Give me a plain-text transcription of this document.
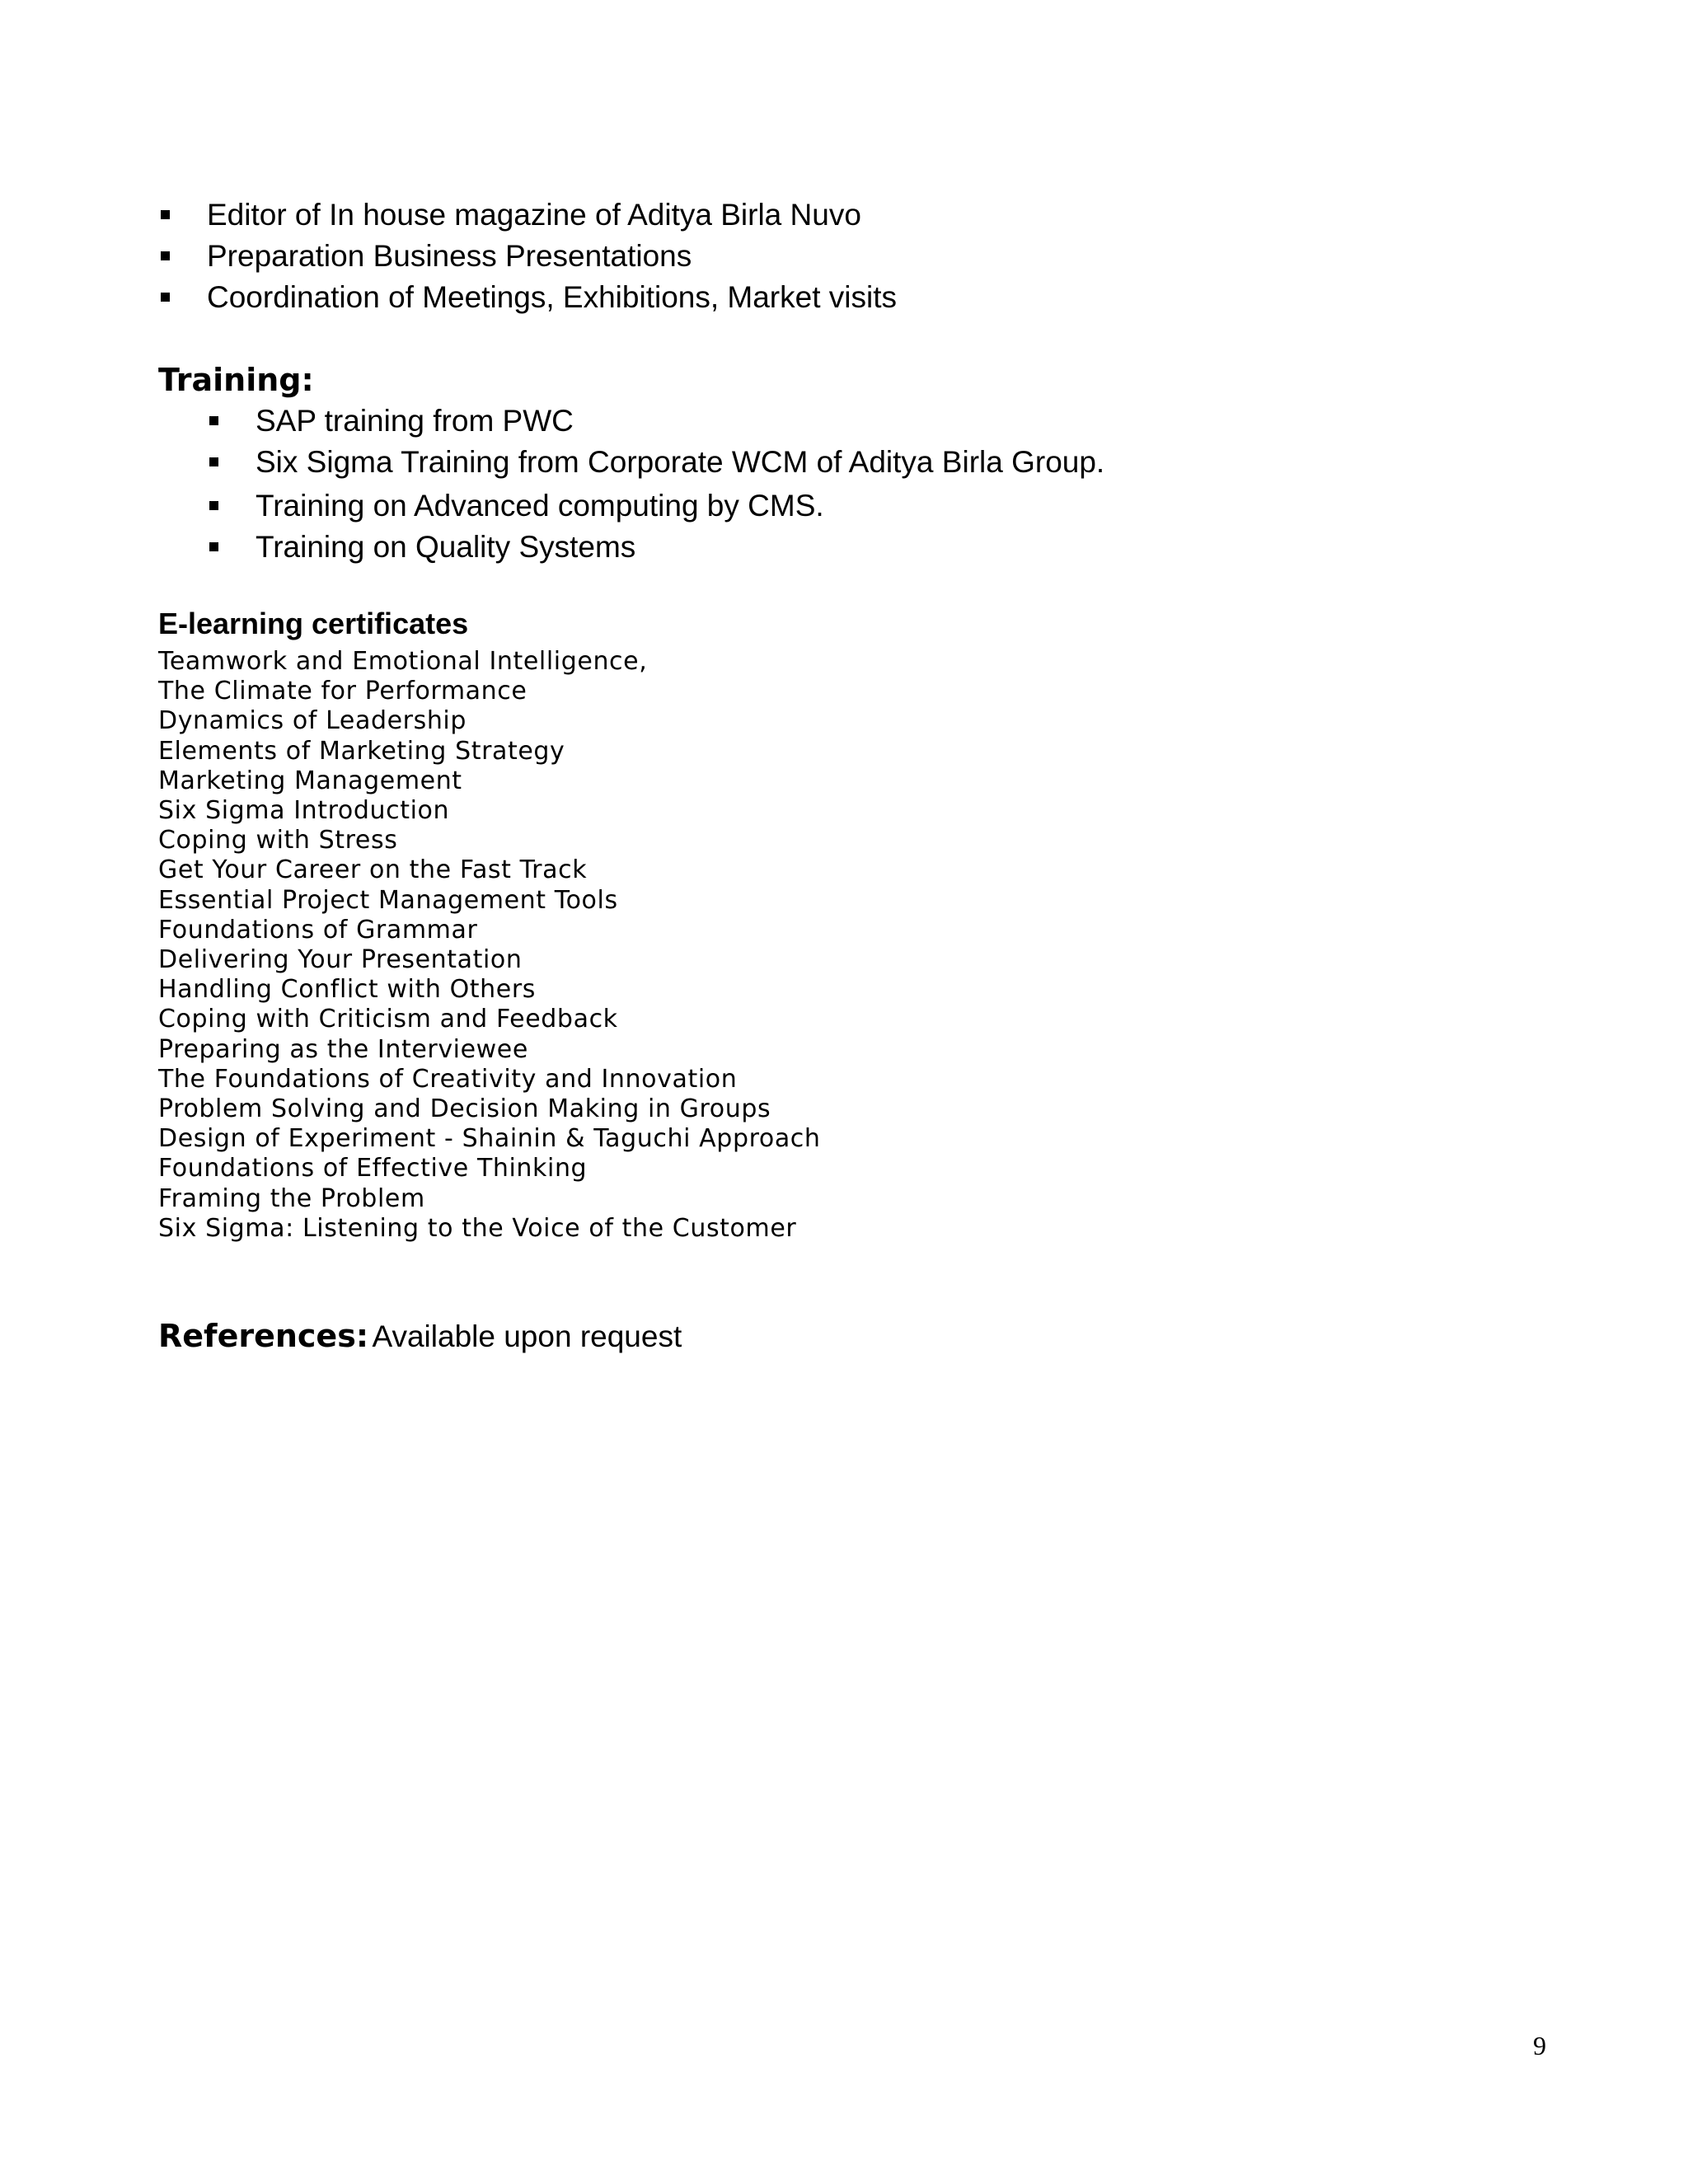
Editor of In house magazine of Aditya Birla Nuvo
Preparation Business Presentations
Coordination of Meetings, Exhibitions, Market visits
Training:
SAP training from PWC
Six Sigma Training from Corporate WCM of Aditya Birla Group.
Training on Advanced computing by CMS.
Training on Quality Systems
E-learning certificates
Teamwork and Emotional Intelligence,
The Climate for Performance
Dynamics of Leadership
Elements of Marketing Strategy
Marketing Management
Six Sigma Introduction
Coping with Stress
Get Your Career on the Fast Track
Essential Project Management Tools
Foundations of Grammar
Delivering Your Presentation
Handling Conflict with Others
Coping with Criticism and Feedback
Preparing as the Interviewee
The Foundations of Creativity and Innovation
Problem Solving and Decision Making in Groups
Design of Experiment - Shainin & Taguchi Approach
Foundations of Effective Thinking
Framing the Problem
Six Sigma: Listening to the Voice of the Customer
References: Available upon request
9
